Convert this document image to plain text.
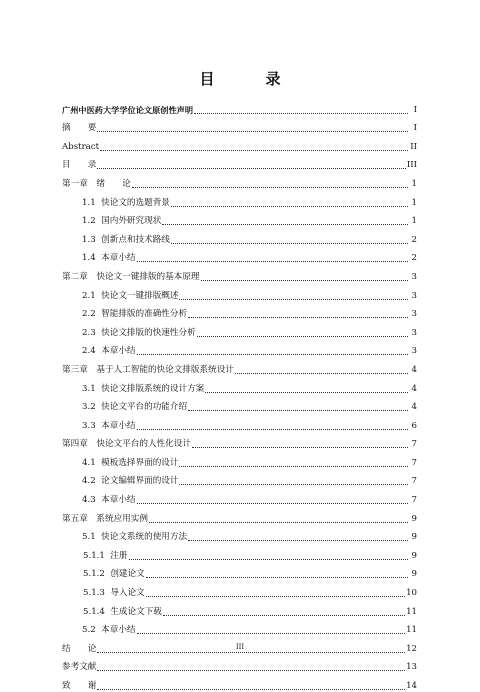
目　录
广州中医药大学学位论文原创性声明	I
摘　　要	I
Abstract	II
目　　录	III
第一章　绪　　论	1
1.1  快论文的选题背景	1
1.2  国内外研究现状	1
1.3  创新点和技术路线	2
1.4  本章小结	2
第二章　快论文一键排版的基本原理	3
2.1  快论文一键排版概述	3
2.2  智能排版的准确性分析	3
2.3  快论文排版的快速性分析	3
2.4  本章小结	3
第三章　基于人工智能的快论文排版系统设计	4
3.1  快论文排版系统的设计方案	4
3.2  快论文平台的功能介绍	4
3.3  本章小结	6
第四章　快论文平台的人性化设计	7
4.1  模板选择界面的设计	7
4.2  论文编辑界面的设计	7
4.3  本章小结	7
第五章　系统应用实例	9
5.1  快论文系统的使用方法	9
5.1.1  注册	9
5.1.2  创建论文	9
5.1.3  导入论文	10
5.1.4  生成论文下载	11
5.2  本章小结	11
结　　论	12
参考文献	13
致　　谢	14
III
